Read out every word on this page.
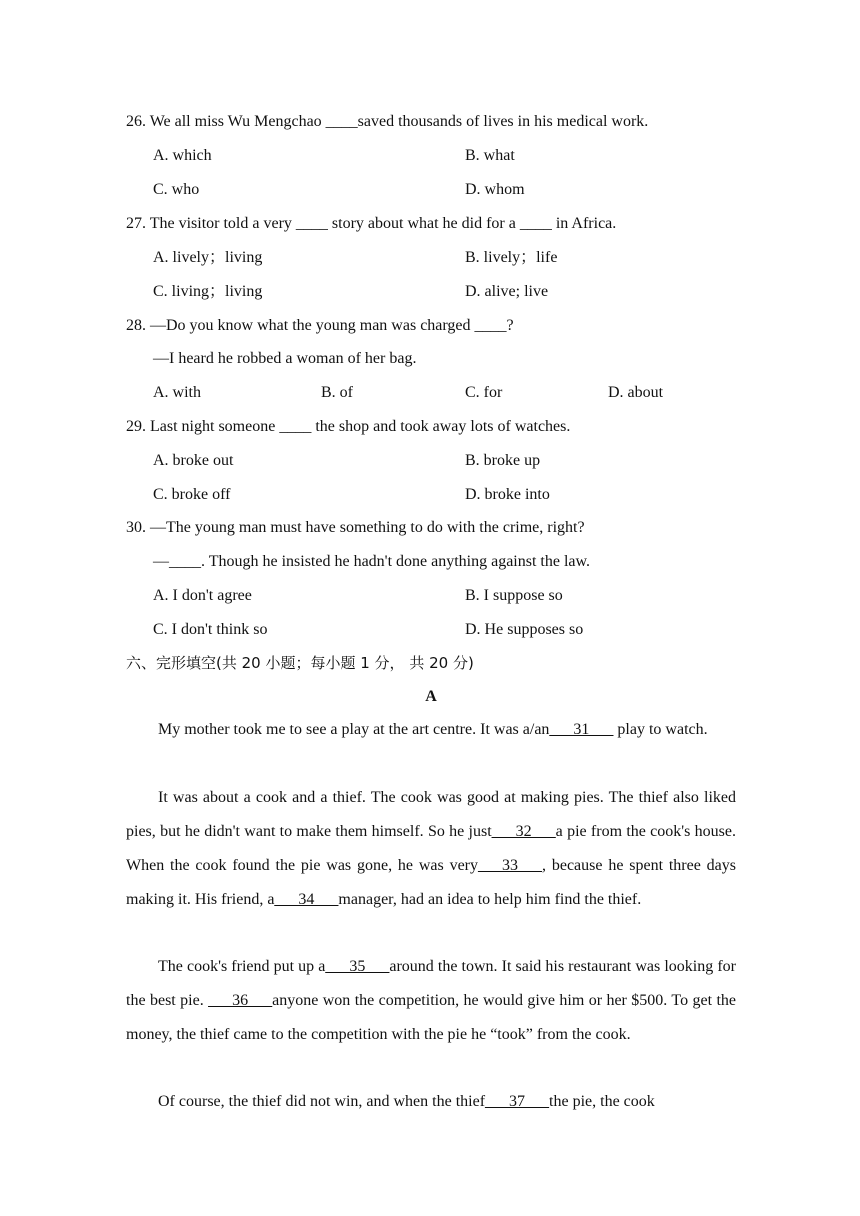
26. We all miss Wu Mengchao ____saved thousands of lives in his medical work.
A. which	B. what
C. who	D. whom
27. The visitor told a very ____ story about what he did for a ____ in Africa.
A. lively；living	B. lively；life
C. living；living	D. alive; live
28. —Do you know what the young man was charged ____?
—I heard he robbed a woman of her bag.
A. with	B. of	C. for	D. about
29. Last night someone ____ the shop and took away lots of watches.
A. broke out	B. broke up
C. broke off	D. broke into
30. —The young man must have something to do with the crime, right?
—____. Though he insisted he hadn't done anything against the law.
A. I don't agree	B. I suppose so
C. I don't think so	D. He supposes so
六、完形填空(共 20 小题；每小题 1 分， 共 20 分)
A
My mother took me to see a play at the art centre. It was a/an___31___ play to watch.
It was about a cook and a thief. The cook was good at making pies. The thief also liked pies, but he didn't want to make them himself. So he just___32___a pie from the cook's house. When the cook found the pie was gone, he was very___33___, because he spent three days making it. His friend, a___34___manager, had an idea to help him find the thief.
The cook's friend put up a___35___around the town. It said his restaurant was looking for the best pie. ___36___anyone won the competition, he would give him or her $500. To get the money, the thief came to the competition with the pie he “took” from the cook.
Of course, the thief did not win, and when the thief___37___the pie, the cook
